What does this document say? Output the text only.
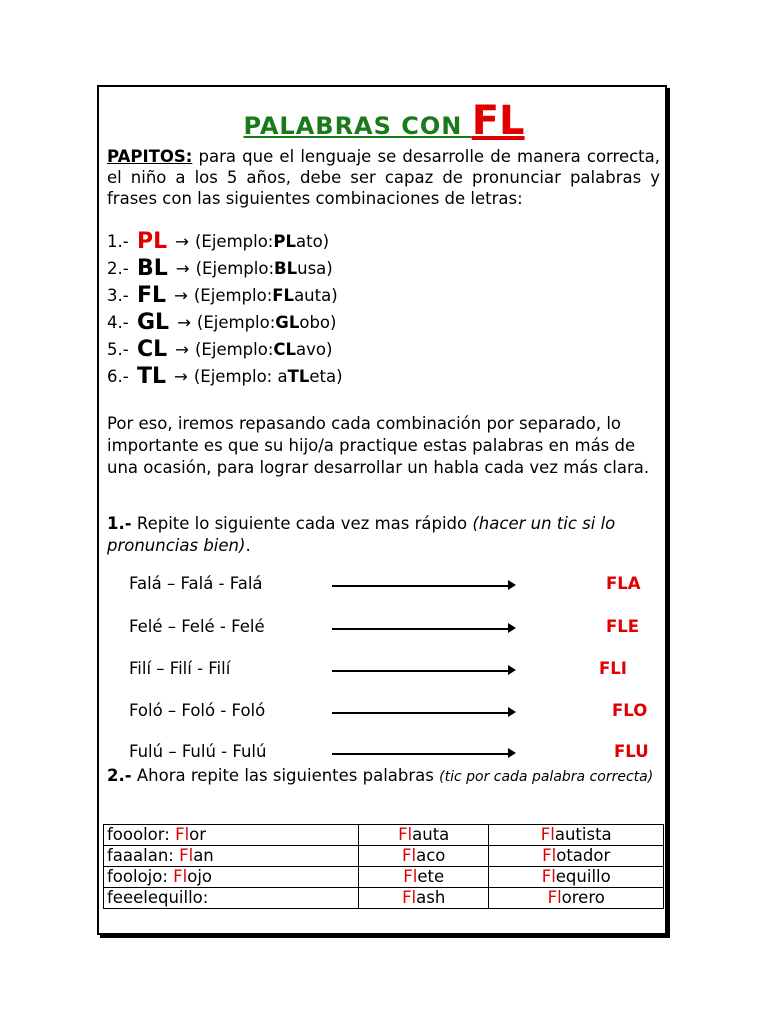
PALABRAS CON FL
PAPITOS: para que el lenguaje se desarrolle de manera correcta, el niño a los 5 años, debe ser capaz de pronunciar palabras y frases con las siguientes combinaciones de letras:
1.- PL → (Ejemplo: PL ato)
2.- BL → (Ejemplo: BL usa)
3.- FL → (Ejemplo: FL auta)
4.- GL → (Ejemplo: GL obo)
5.- CL → (Ejemplo: CL avo)
6.- TL → (Ejemplo: a TL eta)
Por eso, iremos repasando cada combinación por separado, lo importante es que su hijo/a practique estas palabras en más de una ocasión, para lograr desarrollar un habla cada vez más clara.
1.- Repite lo siguiente cada vez mas rápido (hacer un tic si lo pronuncias bien).
Falá – Falá - Falá	FLA
Felé – Felé - Felé	FLE
Filí – Filí - Filí	FLI
Foló – Foló - Foló	FLO
Fulú – Fulú - Fulú	FLU
2.- Ahora repite las siguientes palabras (tic por cada palabra correcta)
fooolor: Flor	Flauta	Flautista
faaalan: Flan	Flaco	Flotador
foolojo: Flojo	Flete	Flequillo
feeelequillo:	Flash	Florero
